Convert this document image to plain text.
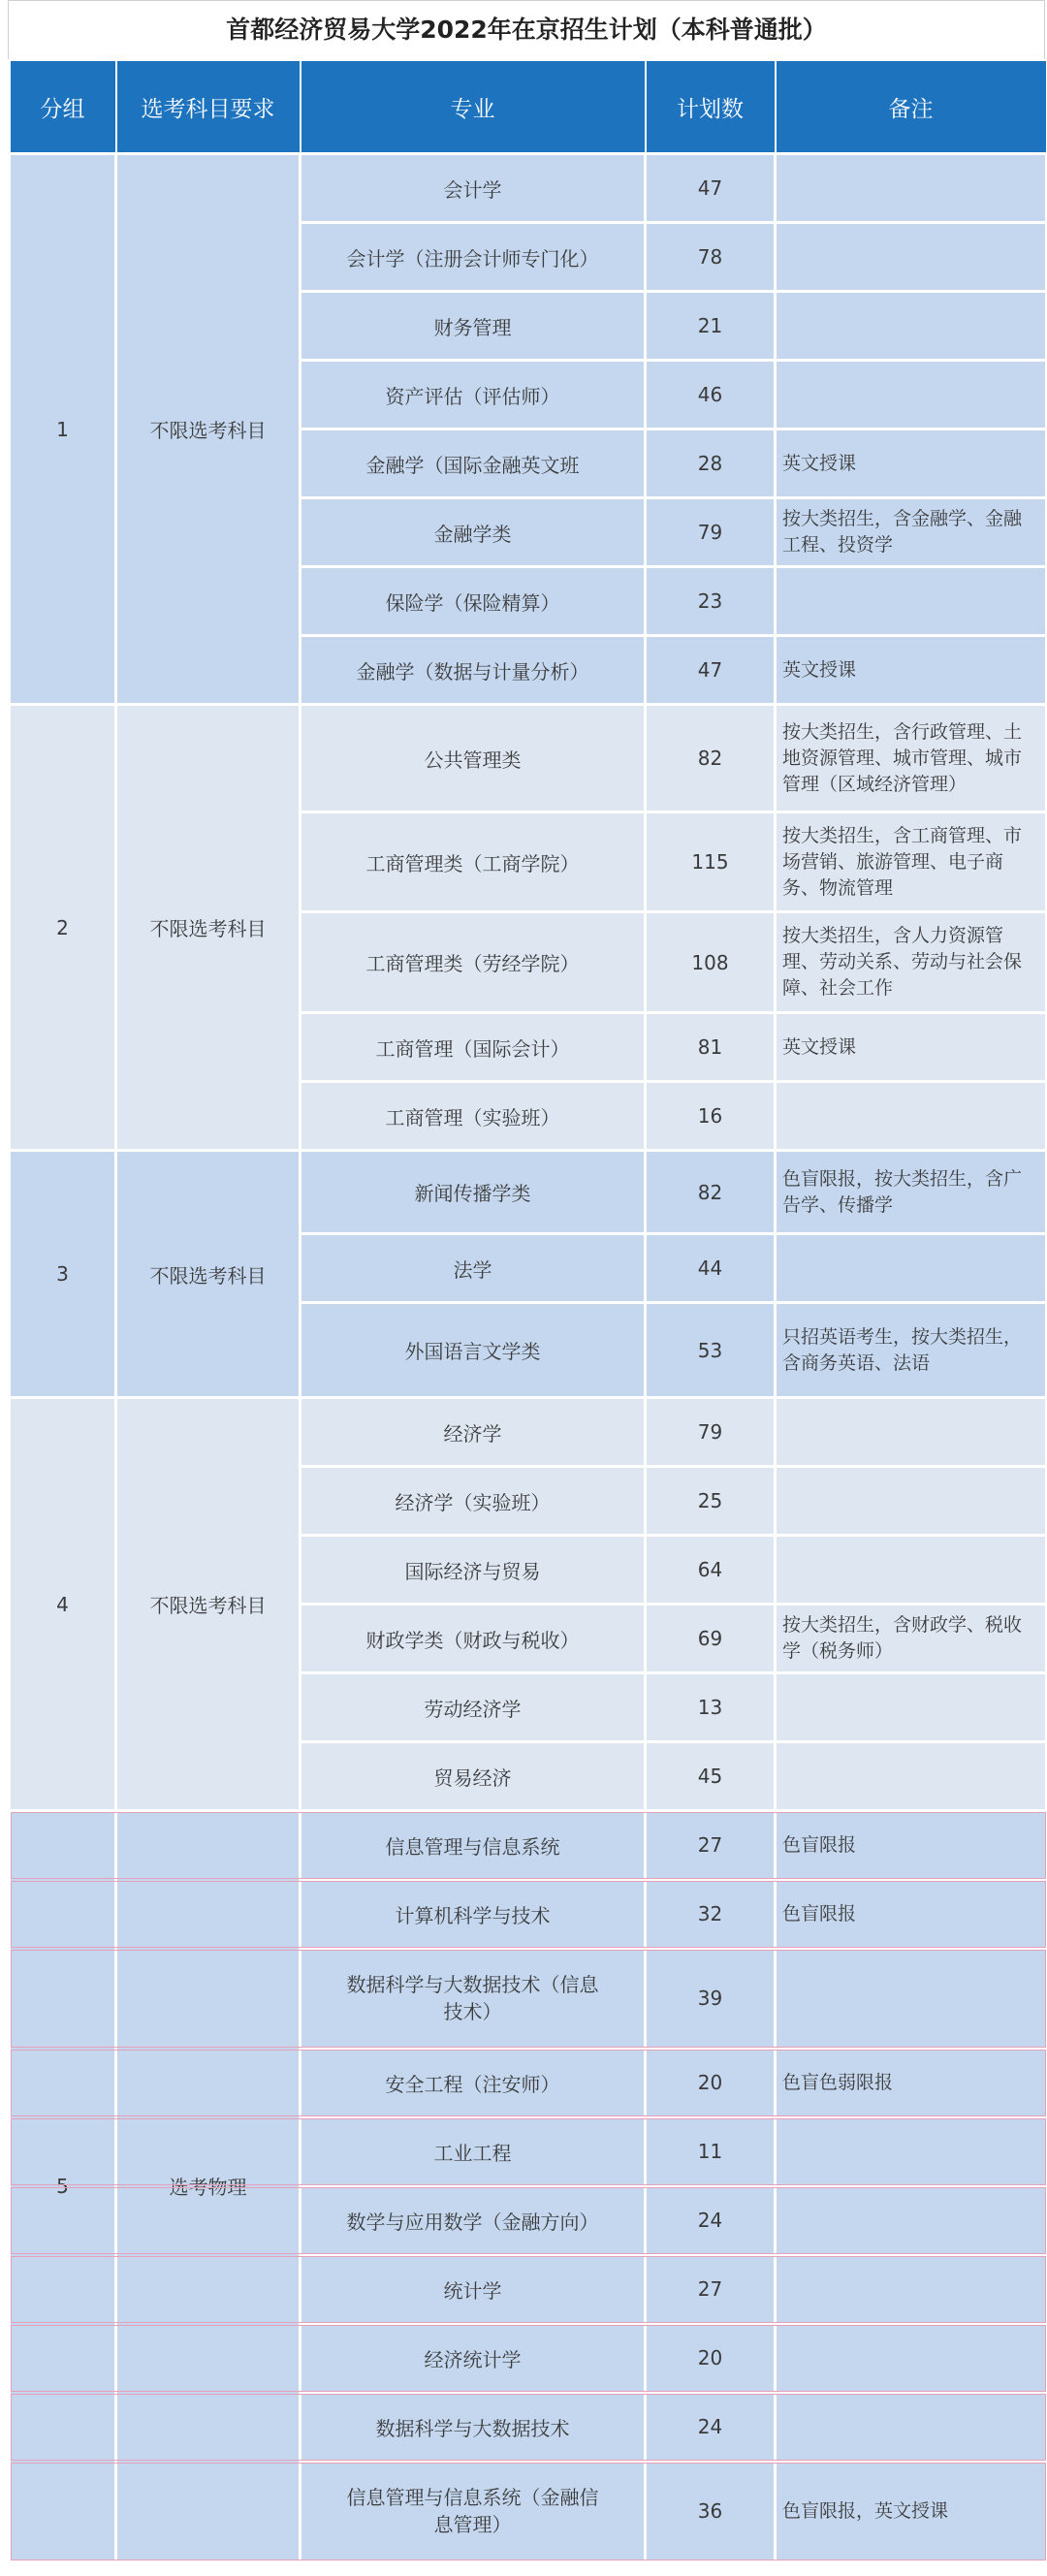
首都经济贸易大学2022年在京招生计划（本科普通批）
分组	选考科目要求	专业	计划数	备注
1	不限选考科目	会计学	47	
		会计学（注册会计师专门化）	78	
		财务管理	21	
		资产评估（评估师）	46	
		金融学（国际金融英文班	28	英文授课
		金融学类	79	按大类招生，含金融学、金融工程、投资学
		保险学（保险精算）	23	
		金融学（数据与计量分析）	47	英文授课
2	不限选考科目	公共管理类	82	按大类招生，含行政管理、土地资源管理、城市管理、城市管理（区域经济管理）
		工商管理类（工商学院）	115	按大类招生，含工商管理、市场营销、旅游管理、电子商务、物流管理
		工商管理类（劳经学院）	108	按大类招生，含人力资源管理、劳动关系、劳动与社会保障、社会工作
		工商管理（国际会计）	81	英文授课
		工商管理（实验班）	16	
3	不限选考科目	新闻传播学类	82	色盲限报，按大类招生，含广告学、传播学
		法学	44	
		外国语言文学类	53	只招英语考生，按大类招生，含商务英语、法语
4	不限选考科目	经济学	79	
		经济学（实验班）	25	
		国际经济与贸易	64	
		财政学类（财政与税收）	69	按大类招生，含财政学、税收学（税务师）
		劳动经济学	13	
		贸易经济	45	
5	选考物理	信息管理与信息系统	27	色盲限报
		计算机科学与技术	32	色盲限报
		数据科学与大数据技术（信息技术）	39	
		安全工程（注安师）	20	色盲色弱限报
		工业工程	11	
		数学与应用数学（金融方向）	24	
		统计学	27	
		经济统计学	20	
		数据科学与大数据技术	24	
		信息管理与信息系统（金融信息管理）	36	色盲限报，英文授课
